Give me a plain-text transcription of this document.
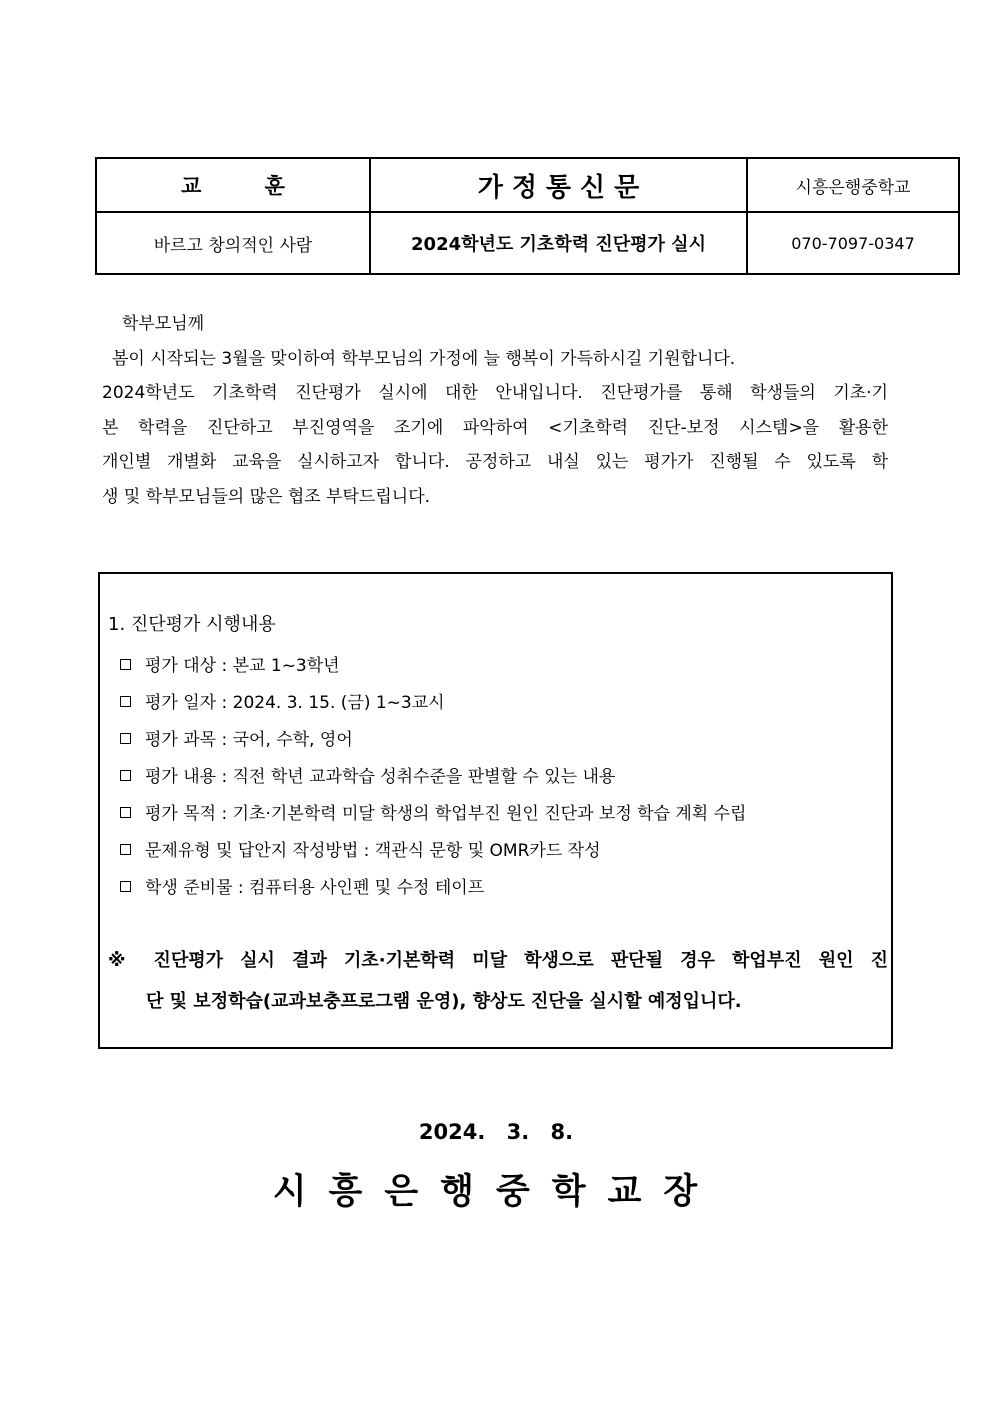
교 훈	가정통신문	시흥은행중학교
바르고 창의적인 사람	2024학년도 기초학력 진단평가 실시	070-7097-0347
학부모님께
봄이 시작되는 3월을 맞이하여 학부모님의 가정에 늘 행복이 가득하시길 기원합니다.
2024학년도 기초학력 진단평가 실시에 대한 안내입니다. 진단평가를 통해 학생들의 기초·기
본 학력을 진단하고 부진영역을 조기에 파악하여 <기초학력 진단-보정 시스템>을 활용한
개인별 개별화 교육을 실시하고자 합니다. 공정하고 내실 있는 평가가 진행될 수 있도록 학
생 및 학부모님들의 많은 협조 부탁드립니다.
1. 진단평가 시행내용
평가 대상 : 본교 1~3학년
평가 일자 : 2024. 3. 15. (금) 1~3교시
평가 과목 : 국어, 수학, 영어
평가 내용 : 직전 학년 교과학습 성취수준을 판별할 수 있는 내용
평가 목적 : 기초·기본학력 미달 학생의 학업부진 원인 진단과 보정 학습 계획 수립
문제유형 및 답안지 작성방법 : 객관식 문항 및 OMR카드 작성
학생 준비물 : 컴퓨터용 사인펜 및 수정 테이프
※ 진단평가 실시 결과 기초·기본학력 미달 학생으로 판단될 경우 학업부진 원인 진
단 및 보정학습(교과보충프로그램 운영), 향상도 진단을 실시할 예정입니다.
2024. 3. 8.
시흥은행중학교장
